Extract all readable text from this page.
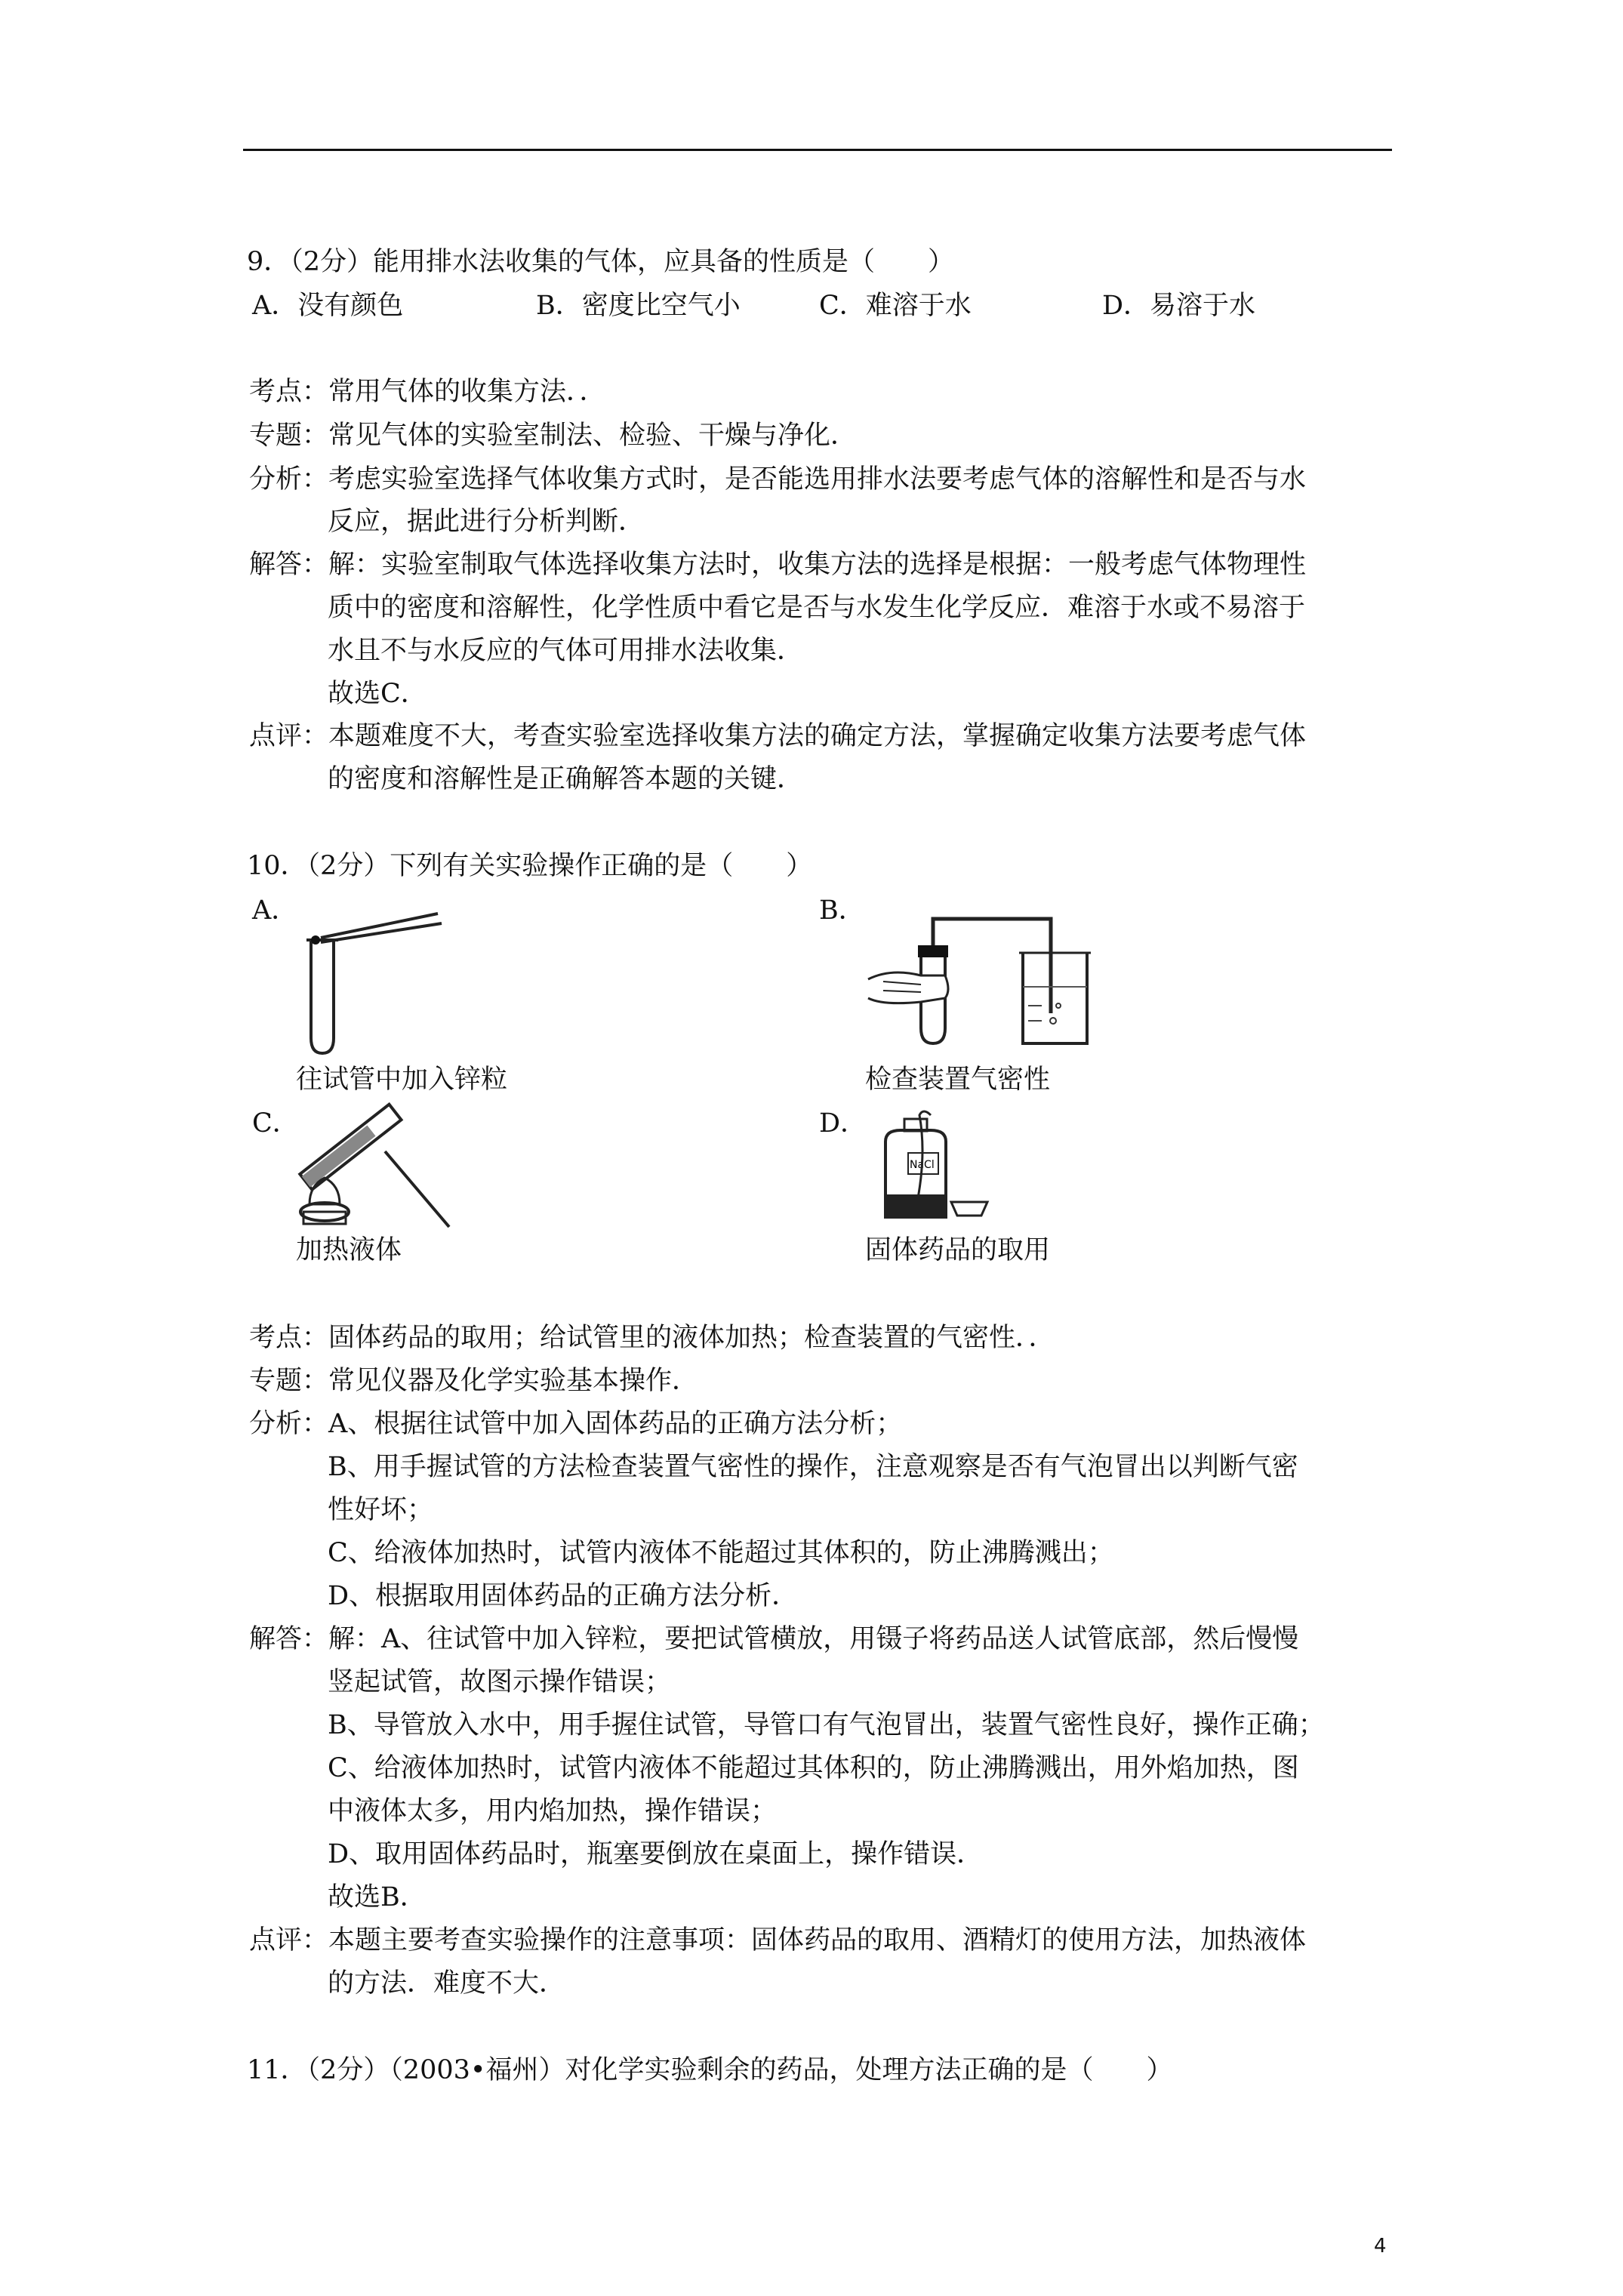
9．（2分）能用排水法收集的气体，应具备的性质是（　　）
A．没有颜色	B．密度比空气小	C．难溶于水	D．易溶于水
考点：常用气体的收集方法．．
专题：常见气体的实验室制法、检验、干燥与净化．
分析：考虑实验室选择气体收集方式时，是否能选用排水法要考虑气体的溶解性和是否与水
反应，据此进行分析判断．
解答：解：实验室制取气体选择收集方法时，收集方法的选择是根据：一般考虑气体物理性
质中的密度和溶解性，化学性质中看它是否与水发生化学反应．难溶于水或不易溶于
水且不与水反应的气体可用排水法收集．
故选C．
点评：本题难度不大，考查实验室选择收集方法的确定方法，掌握确定收集方法要考虑气体
的密度和溶解性是正确解答本题的关键．
10．（2分）下列有关实验操作正确的是（　　）
A．	B．
往试管中加入锌粒	检查装置气密性
C．	D．
NaCl
加热液体	固体药品的取用
考点：固体药品的取用；给试管里的液体加热；检查装置的气密性．．
专题：常见仪器及化学实验基本操作．
分析：A、根据往试管中加入固体药品的正确方法分析；
B、用手握试管的方法检查装置气密性的操作，注意观察是否有气泡冒出以判断气密
性好坏；
C、给液体加热时，试管内液体不能超过其体积的，防止沸腾溅出；
D、根据取用固体药品的正确方法分析．
解答：解：A、往试管中加入锌粒，要把试管横放，用镊子将药品送人试管底部，然后慢慢
竖起试管，故图示操作错误；
B、导管放入水中，用手握住试管，导管口有气泡冒出，装置气密性良好，操作正确；
C、给液体加热时，试管内液体不能超过其体积的，防止沸腾溅出，用外焰加热，图
中液体太多，用内焰加热，操作错误；
D、取用固体药品时，瓶塞要倒放在桌面上，操作错误．
故选B．
点评：本题主要考查实验操作的注意事项：固体药品的取用、酒精灯的使用方法，加热液体
的方法．难度不大．
11．（2分）（2003•福州）对化学实验剩余的药品，处理方法正确的是（　　）
4
